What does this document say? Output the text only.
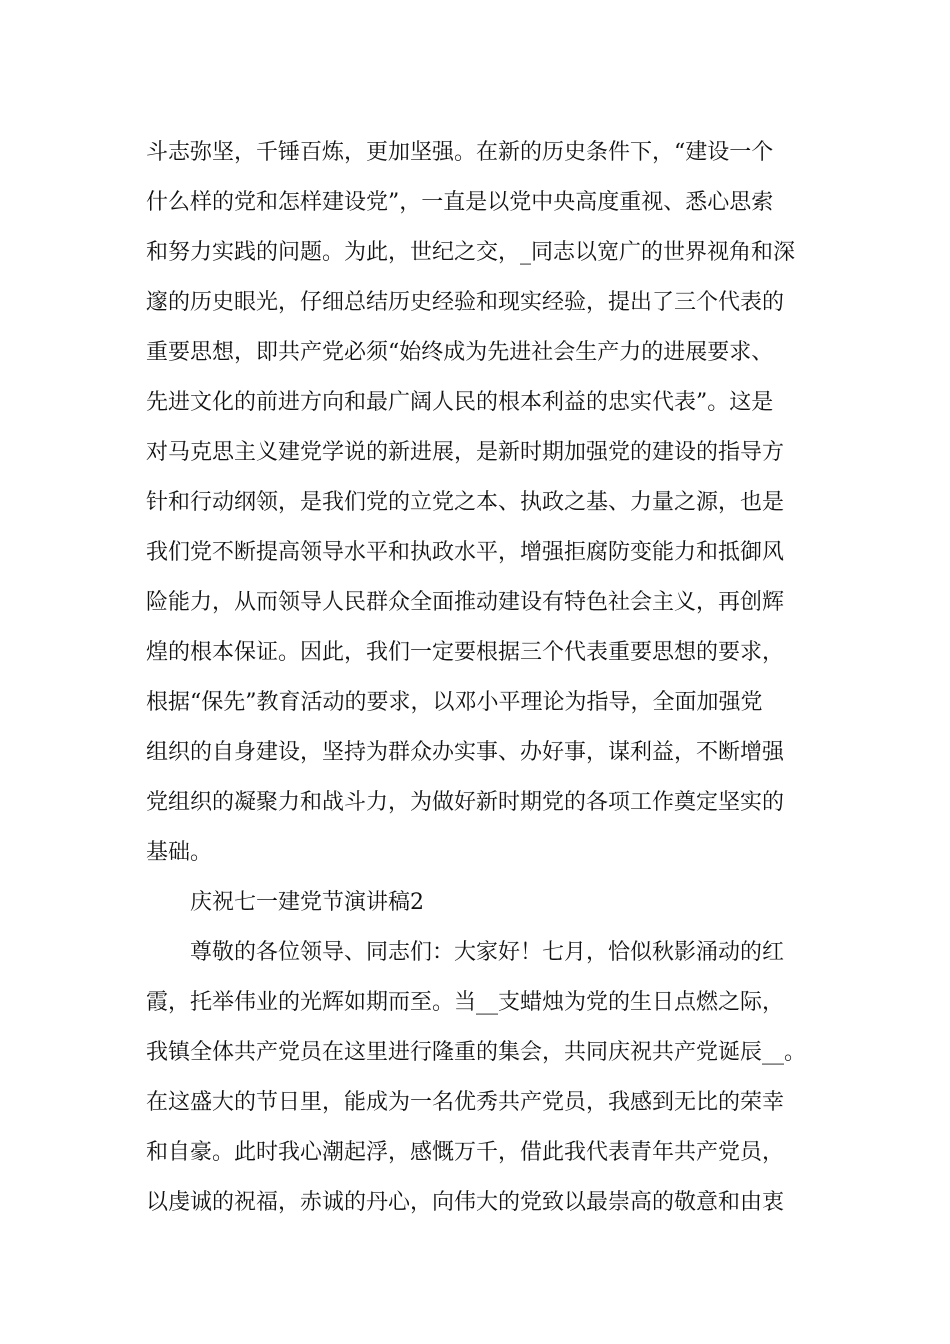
斗志弥坚，千锤百炼，更加坚强。在新的历史条件下，“建设一个
什么样的党和怎样建设党”，一直是以党中央高度重视、悉心思索
和努力实践的问题。为此，世纪之交，_同志以宽广的世界视角和深
邃的历史眼光，仔细总结历史经验和现实经验，提出了三个代表的
重要思想，即共产党必须“始终成为先进社会生产力的进展要求、
先进文化的前进方向和最广阔人民的根本利益的忠实代表”。这是
对马克思主义建党学说的新进展，是新时期加强党的建设的指导方
针和行动纲领，是我们党的立党之本、执政之基、力量之源，也是
我们党不断提高领导水平和执政水平，增强拒腐防变能力和抵御风
险能力，从而领导人民群众全面推动建设有特色社会主义，再创辉
煌的根本保证。因此，我们一定要根据三个代表重要思想的要求，
根据“保先”教育活动的要求，以邓小平理论为指导，全面加强党
组织的自身建设，坚持为群众办实事、办好事，谋利益，不断增强
党组织的凝聚力和战斗力，为做好新时期党的各项工作奠定坚实的
基础。
庆祝七一建党节演讲稿2
尊敬的各位领导、同志们：大家好！七月，恰似秋影涌动的红
霞，托举伟业的光辉如期而至。当__支蜡烛为党的生日点燃之际，
我镇全体共产党员在这里进行隆重的集会，共同庆祝共产党诞辰__。
在这盛大的节日里，能成为一名优秀共产党员，我感到无比的荣幸
和自豪。此时我心潮起浮，感慨万千，借此我代表青年共产党员，
以虔诚的祝福，赤诚的丹心，向伟大的党致以最崇高的敬意和由衷
